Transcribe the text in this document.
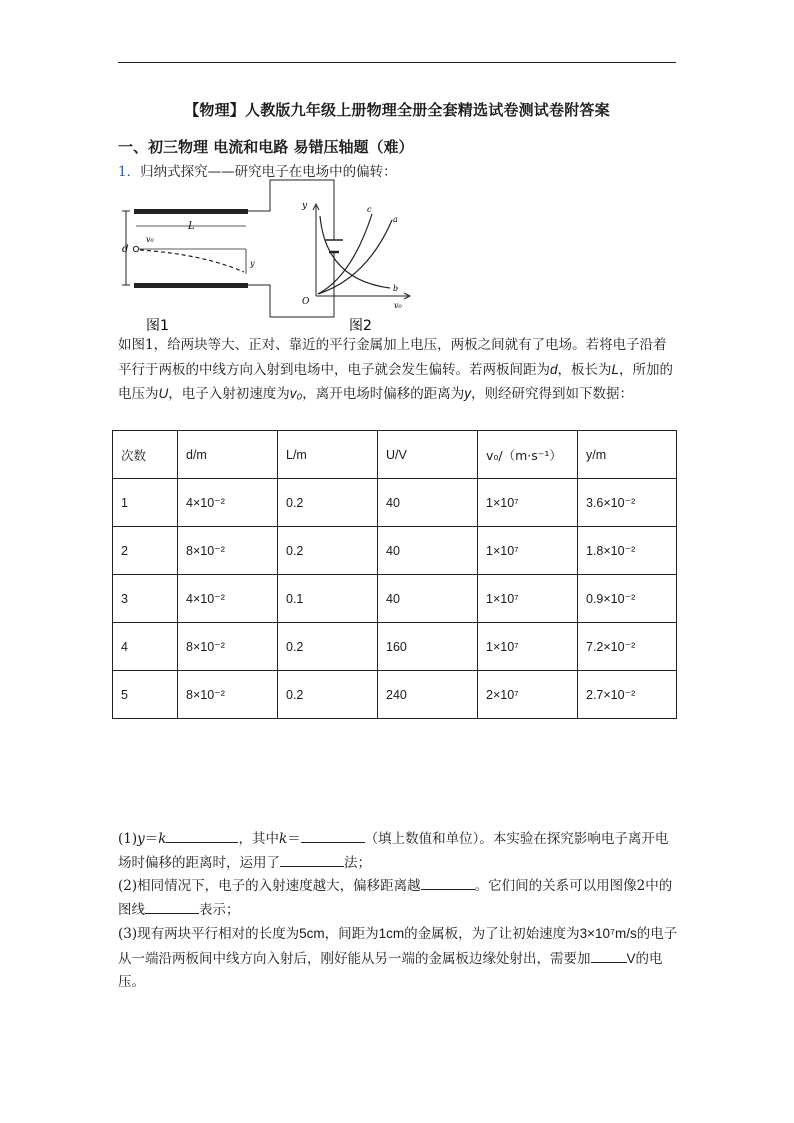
【物理】人教版九年级上册物理全册全套精选试卷测试卷附答案
一、初三物理 电流和电路 易错压轴题（难）
1．归纳式探究——研究电子在电场中的偏转：
d
L
v₀
y
图1
y
O	v₀
a
b
c
图2
如图1，给两块等大、正对、靠近的平行金属加上电压，两板之间就有了电场。若将电子沿着平行于两板的中线方向入射到电场中，电子就会发生偏转。若两板间距为d，板长为L，所加的电压为U，电子入射初速度为v₀，离开电场时偏移的距离为y，则经研究得到如下数据：
次数	d/m	L/m	U/V	v₀/（m·s⁻¹）	y/m
1	4×10⁻²	0.2	40	1×10⁷	3.6×10⁻²
2	8×10⁻²	0.2	40	1×10⁷	1.8×10⁻²
3	4×10⁻²	0.1	40	1×10⁷	0.9×10⁻²
4	8×10⁻²	0.2	160	1×10⁷	7.2×10⁻²
5	8×10⁻²	0.2	240	2×10⁷	2.7×10⁻²

(1)y＝k	，其中k＝	（填上数值和单位）。本实验在探究影响电子离开电场时偏移的距离时，运用了	法；

(2)相同情况下，电子的入射速度越大，偏移距离越	。它们间的关系可以用图像2中的图线	表示；

(3)现有两块平行相对的长度为5cm，间距为1cm的金属板，为了让初始速度为3×10⁷m/s的电子从一端沿两板间中线方向入射后，刚好能从另一端的金属板边缘处射出，需要加	V的电压。
